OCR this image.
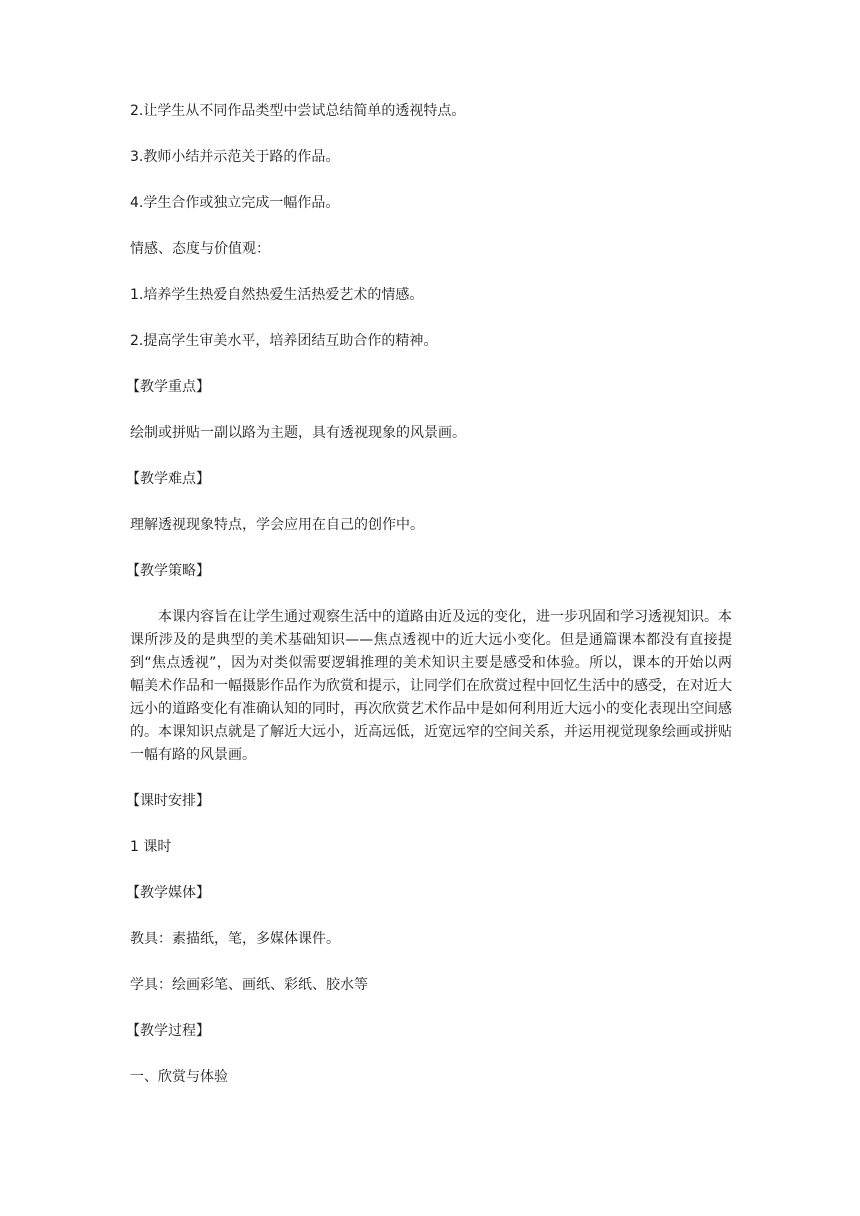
2.让学生从不同作品类型中尝试总结简单的透视特点。

3.教师小结并示范关于路的作品。

4.学生合作或独立完成一幅作品。

情感、态度与价值观：

1.培养学生热爱自然热爱生活热爱艺术的情感。

2.提高学生审美水平，培养团结互助合作的精神。

【教学重点】

绘制或拼贴一副以路为主题，具有透视现象的风景画。

【教学难点】

理解透视现象特点，学会应用在自己的创作中。

【教学策略】

本课内容旨在让学生通过观察生活中的道路由近及远的变化，进一步巩固和学习透视知识。本课所涉及的是典型的美术基础知识——焦点透视中的近大远小变化。但是通篇课本都没有直接提到“焦点透视”，因为对类似需要逻辑推理的美术知识主要是感受和体验。所以，课本的开始以两幅美术作品和一幅摄影作品作为欣赏和提示，让同学们在欣赏过程中回忆生活中的感受，在对近大远小的道路变化有准确认知的同时，再次欣赏艺术作品中是如何利用近大远小的变化表现出空间感的。本课知识点就是了解近大远小，近高远低，近宽远窄的空间关系，并运用视觉现象绘画或拼贴一幅有路的风景画。

【课时安排】

1 课时

【教学媒体】

教具：素描纸，笔，多媒体课件。

学具：绘画彩笔、画纸、彩纸、胶水等

【教学过程】

一、欣赏与体验
